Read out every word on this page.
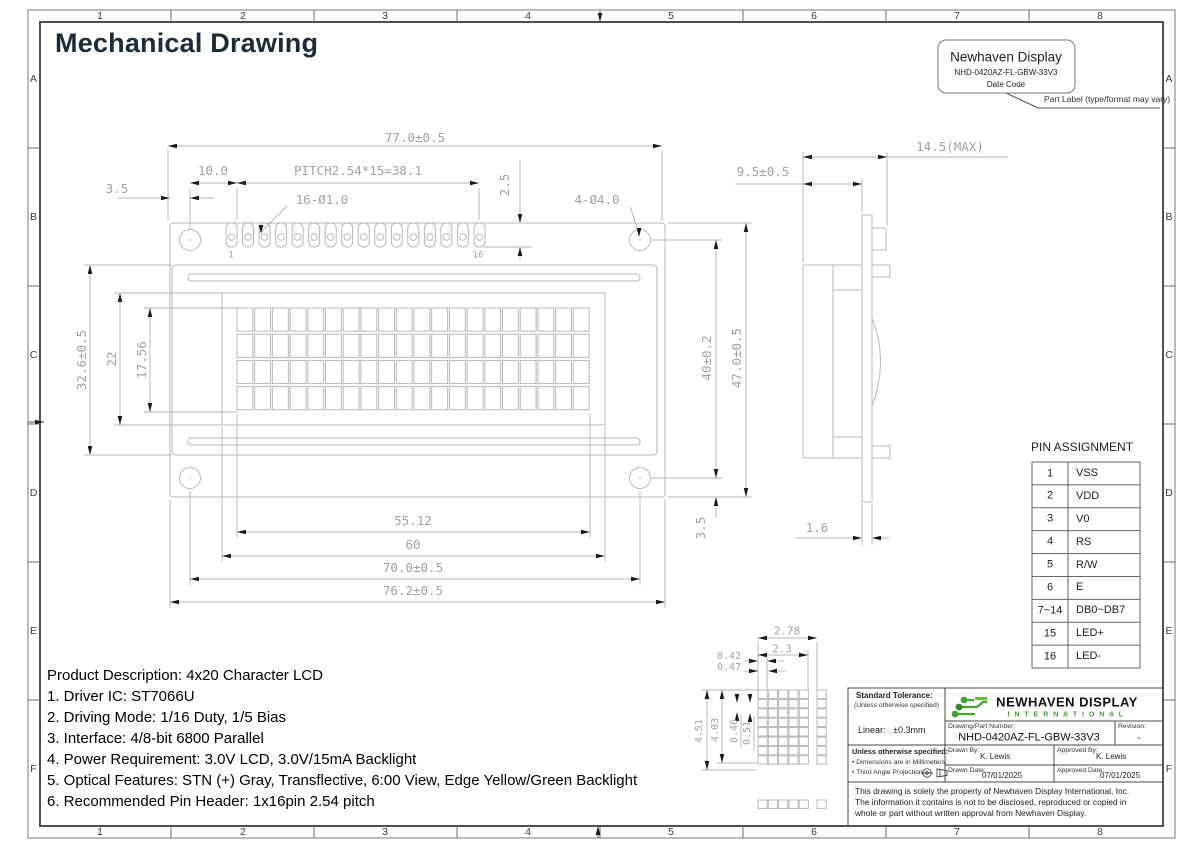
Mechanical Drawing	Newhaven Display
NHD-0420AZ-FL-GBW-33V3
Date Code
Part Label (type/format may vary)
PIN ASSIGNMENT
Standard Tolerance:
(Unless otherwise specified)
Linear:   ±0.3mm
NEWHAVEN DISPLAY
I N T E R N A T I O N A L
Drawing/Part Number:
NHD-0420AZ-FL-GBW-33V3
Revision:
-
Unless otherwise specified:
• Dimensions are in Millimeters
• Third Angle Projection
Drawn By:
K. Lewis
Approved By:
K. Lewis
Drawn Date:
07/01/2025
Approved Date:
07/01/2025
This drawing is solely the property of Newhaven Display International, Inc.
The information it contains is not to be disclosed, reproduced or copied in
whole or part without written approval from Newhaven Display.
1
1
2
2
3
3
4
4
5
5
6
6
7
7
8
8
A	A
B	B
C	C
D	D
E	E
F	F
77.0±0.5
10.0	PITCH2.54*15=38.1
2.5
16-Ø1.0	4-Ø4.0
3.5
32.6±0.5 22 17.56	40±0.2 47.0±0.5
3.5
55.12
60
70.0±0.5
76.2±0.5
1	16
14.5(MAX)
9.5±0.5
1.6
2.78
2.3
0.42
0.47
4.51 4.03 0.46 0.51
1 VSS
2 VDD
3 V0
4 RS
5 R/W
6 E
7~14 DB0~DB7
15 LED+
16 LED-
Product Description: 4x20 Character LCD
1. Driver IC: ST7066U
2. Driving Mode: 1/16 Duty, 1/5 Bias
3. Interface: 4/8-bit 6800 Parallel
4. Power Requirement: 3.0V LCD, 3.0V/15mA Backlight
5. Optical Features: STN (+) Gray, Transflective, 6:00 View, Edge Yellow/Green Backlight
6. Recommended Pin Header: 1x16pin 2.54 pitch
